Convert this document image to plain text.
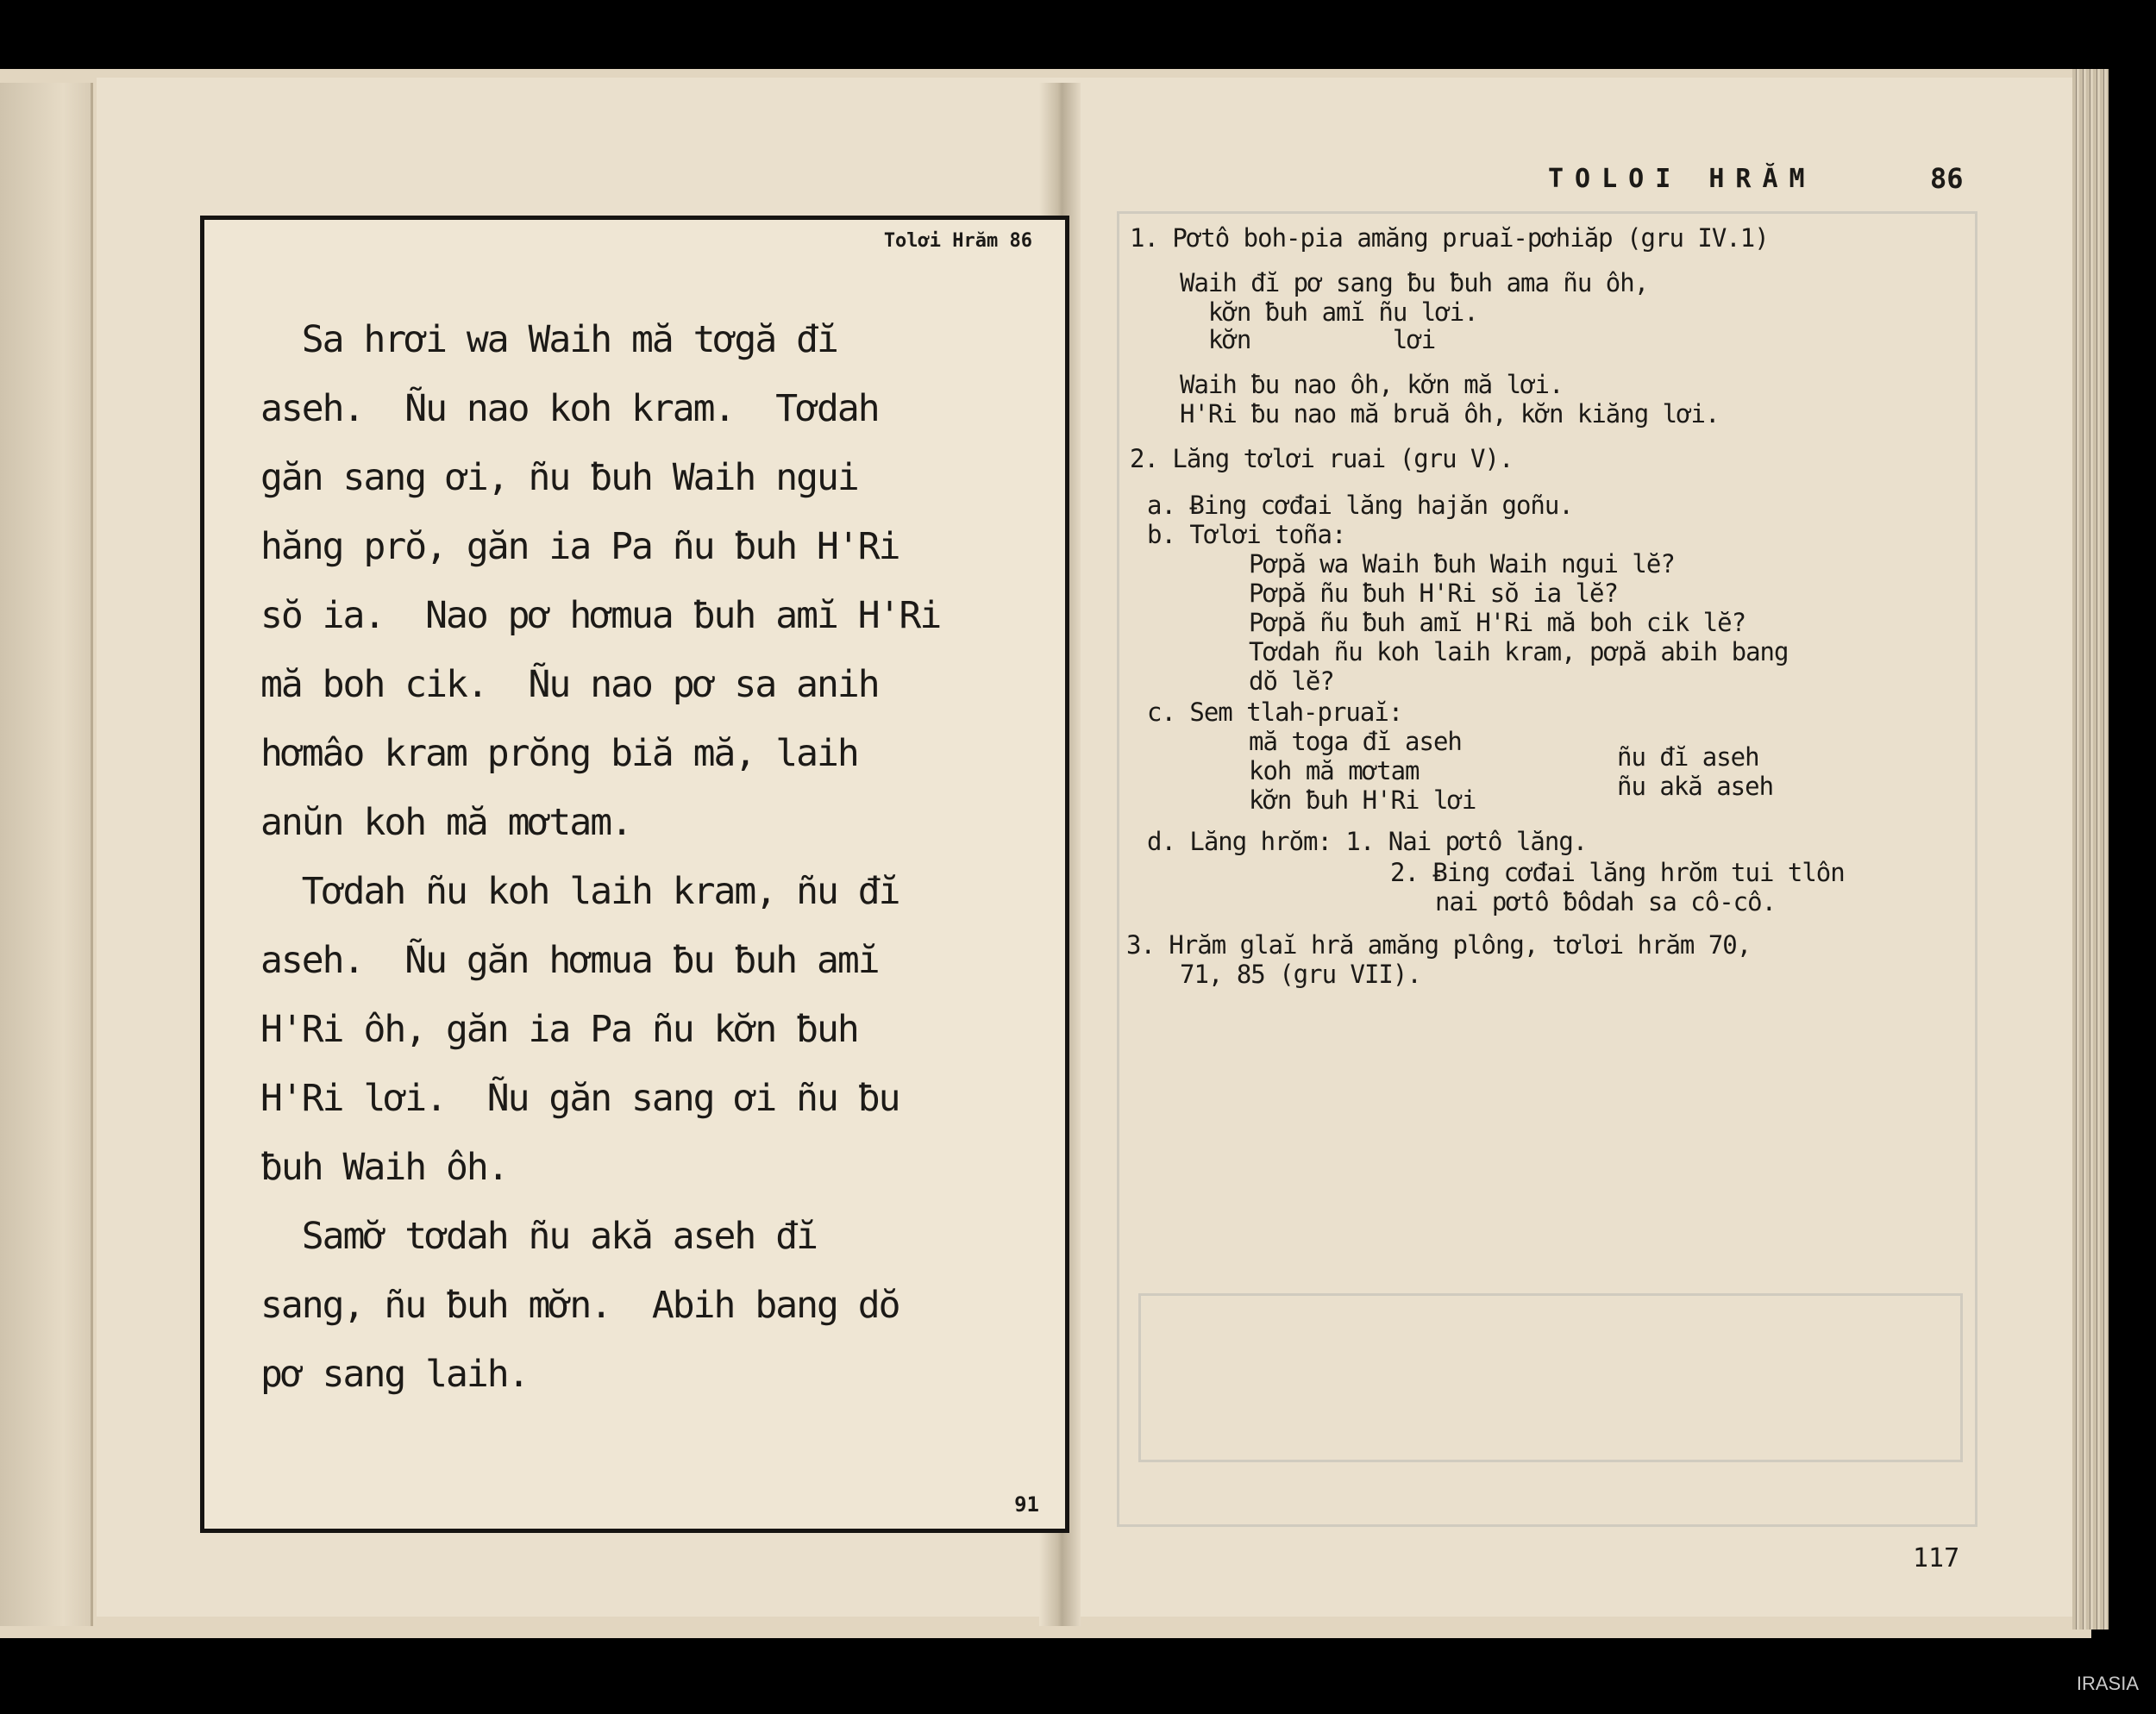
Tolơi Hrăm 86
Sa hrơi wa Waih mă tơgă đĭ
aseh.  Ñu nao koh kram.  Tơdah
găn sang ơi, ñu ƀuh Waih ngui
hăng prŏ, găn ia Pa ñu ƀuh H'Ri
sŏ ia.  Nao pơ hơmua ƀuh amĭ H'Ri
mă boh cik.  Ñu nao pơ sa anih
hơmâo kram prŏng biă mă, laih
anŭn koh mă mơtam.
Tơdah ñu koh laih kram, ñu đĭ
aseh.  Ñu găn hơmua ƀu ƀuh amĭ
H'Ri ôh, găn ia Pa ñu kơ̆n ƀuh
H'Ri lơi.  Ñu găn sang ơi ñu ƀu
ƀuh Waih ôh.
Samơ̆ tơdah ñu akă aseh đĭ
sang, ñu ƀuh mơ̆n.  Abih bang dŏ
pơ sang laih.
91
TOLOI HRĂM	86
1. Pơtô boh-pia amăng pruaĭ-pơhiăp (gru IV.1)
Waih đĭ pơ sang ƀu ƀuh ama ñu ôh,
kơ̆n ƀuh amĭ ñu lơi.
kơ̆n          lơi
Waih ƀu nao ôh, kơ̆n mă lơi.
H'Ri ƀu nao mă bruă ôh, kơ̆n kiăng lơi.
2. Lăng tơlơi ruai (gru V).
a. Ƀing cơđai lăng hajăn goñu.
b. Tơlơi toña:
Pơpă wa Waih ƀuh Waih ngui lĕ?
Pơpă ñu ƀuh H'Ri sŏ ia lĕ?
Pơpă ñu ƀuh amĭ H'Ri mă boh cik lĕ?
Tơdah ñu koh laih kram, pơpă abih bang
dŏ lĕ?
c. Sem tlah-pruaĭ:
mă toga đĭ aseh
koh mă mơtam
kơ̆n ƀuh H'Ri lơi
ñu đĭ aseh
ñu akă aseh
d. Lăng hrŏm: 1. Nai pơtô lăng.
2. Ƀing cơđai lăng hrŏm tui tlôn
nai pơtô ƀôdah sa cô-cô.
3. Hrăm glaĭ hră amăng plông, tơlơi hrăm 70,
71, 85 (gru VII).
117
IRASIA
